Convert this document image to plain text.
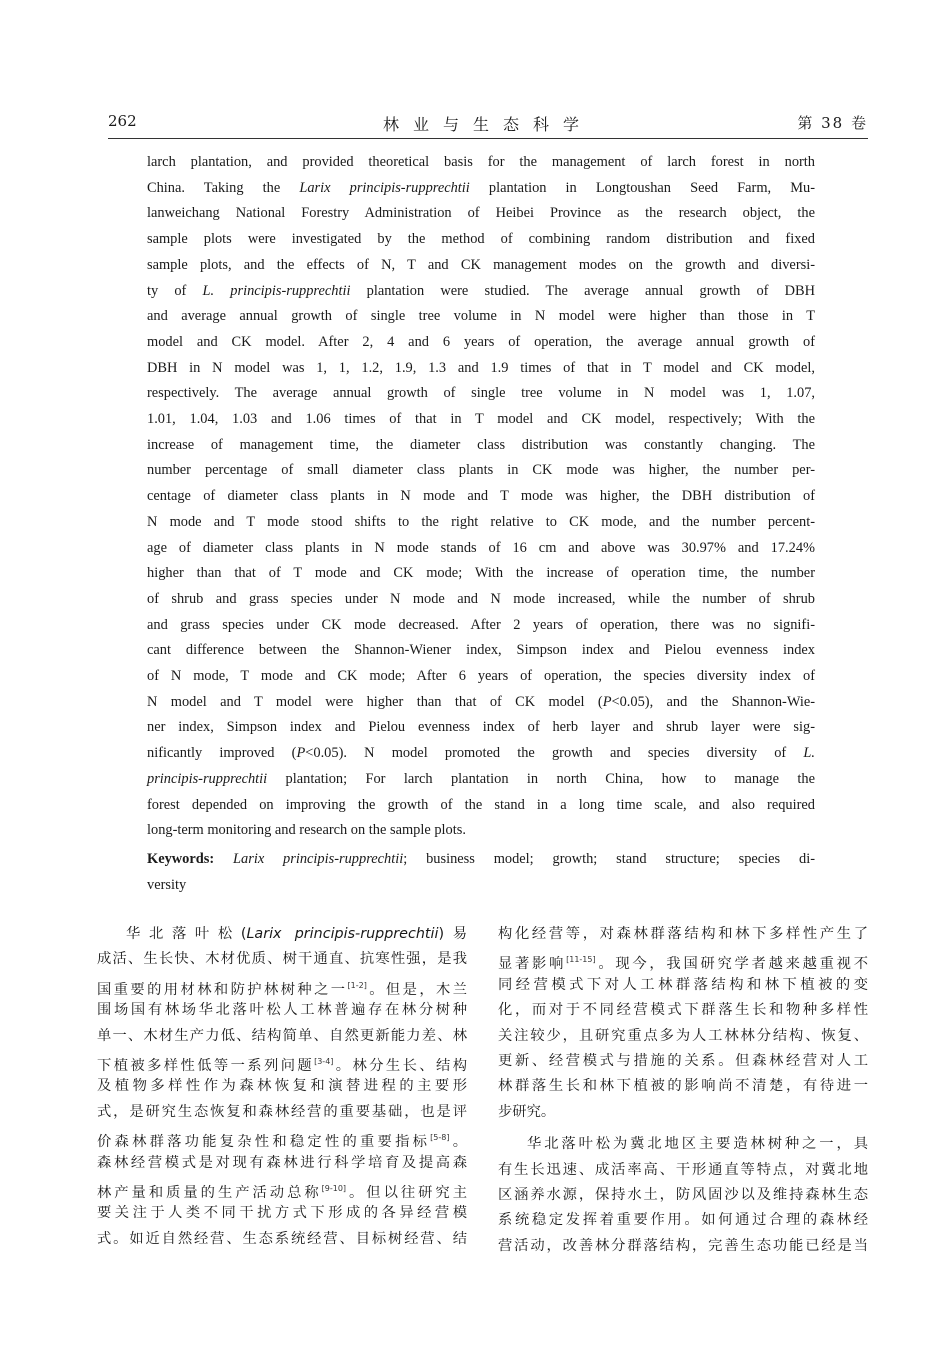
262	林业与生态科学	第 38 卷
larch plantation, and provided theoretical basis for the management of larch forest in north
China. Taking the Larix principis-rupprechtii plantation in Longtoushan Seed Farm, Mu-
lanweichang National Forestry Administration of Heibei Province as the research object, the
sample plots were investigated by the method of combining random distribution and fixed
sample plots, and the effects of N, T and CK management modes on the growth and diversi-
ty of L. principis-rupprechtii plantation were studied. The average annual growth of DBH
and average annual growth of single tree volume in N model were higher than those in T
model and CK model. After 2, 4 and 6 years of operation, the average annual growth of
DBH in N model was 1, 1, 1.2, 1.9, 1.3 and 1.9 times of that in T model and CK model,
respectively. The average annual growth of single tree volume in N model was 1, 1.07,
1.01, 1.04, 1.03 and 1.06 times of that in T model and CK model, respectively; With the
increase of management time, the diameter class distribution was constantly changing. The
number percentage of small diameter class plants in CK mode was higher, the number per-
centage of diameter class plants in N mode and T mode was higher, the DBH distribution of
N mode and T mode stood shifts to the right relative to CK mode, and the number percent-
age of diameter class plants in N mode stands of 16 cm and above was 30.97% and 17.24%
higher than that of T mode and CK mode; With the increase of operation time, the number
of shrub and grass species under N mode and N mode increased, while the number of shrub
and grass species under CK mode decreased. After 2 years of operation, there was no signifi-
cant difference between the Shannon-Wiener index, Simpson index and Pielou evenness index
of N mode, T mode and CK mode; After 6 years of operation, the species diversity index of
N model and T model were higher than that of CK model (P<0.05), and the Shannon-Wie-
ner index, Simpson index and Pielou evenness index of herb layer and shrub layer were sig-
nificantly improved (P<0.05). N model promoted the growth and species diversity of L.
principis-rupprechtii plantation; For larch plantation in north China, how to manage the
forest depended on improving the growth of the stand in a long time scale, and also required
long-term monitoring and research on the sample plots.
Keywords: Larix principis-rupprechtii; business model; growth; stand structure; species di-
versity
华北落叶松(Larix principis-rupprechtii)易
成活、生长快、木材优质、树干通直、抗寒性强，是我
国重要的用材林和防护林树种之一[1-2]。但是，木兰
围场国有林场华北落叶松人工林普遍存在林分树种
单一、木材生产力低、结构简单、自然更新能力差、林
下植被多样性低等一系列问题[3-4]。林分生长、结构
及植物多样性作为森林恢复和演替进程的主要形
式，是研究生态恢复和森林经营的重要基础，也是评
价森林群落功能复杂性和稳定性的重要指标[5-8]。
森林经营模式是对现有森林进行科学培育及提高森
林产量和质量的生产活动总称[9-10]。但以往研究主
要关注于人类不同干扰方式下形成的各异经营模
式。如近自然经营、生态系统经营、目标树经营、结
构化经营等，对森林群落结构和林下多样性产生了
显著影响[11-15]。现今，我国研究学者越来越重视不
同经营模式下对人工林群落结构和林下植被的变
化，而对于不同经营模式下群落生长和物种多样性
关注较少，且研究重点多为人工林林分结构、恢复、
更新、经营模式与措施的关系。但森林经营对人工
林群落生长和林下植被的影响尚不清楚，有待进一
步研究。
华北落叶松为冀北地区主要造林树种之一，具
有生长迅速、成活率高、干形通直等特点，对冀北地
区涵养水源，保持水土，防风固沙以及维持森林生态
系统稳定发挥着重要作用。如何通过合理的森林经
营活动，改善林分群落结构，完善生态功能已经是当
